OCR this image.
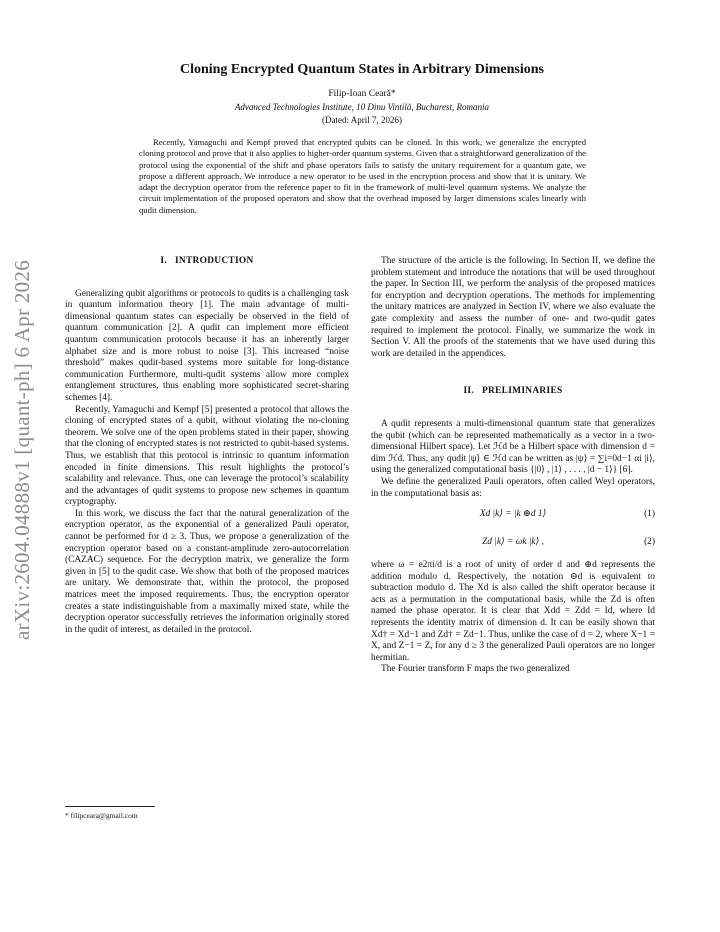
arXiv:2604.04888v1 [quant-ph] 6 Apr 2026
Cloning Encrypted Quantum States in Arbitrary Dimensions
Filip-Ioan Ceară*
Advanced Technologies Institute, 10 Dinu Vintilă, Bucharest, Romania
(Dated: April 7, 2026)

Recently, Yamaguchi and Kempf proved that encrypted qubits can be cloned. In this work, we generalize the encrypted cloning protocol and prove that it also applies to higher-order quantum systems. Given that a straightforward generalization of the protocol using the exponential of the shift and phase operators fails to satisfy the unitary requirement for a quantum gate, we propose a different approach. We introduce a new operator to be used in the encryption process and show that it is unitary. We adapt the decryption operator from the reference paper to fit in the framework of multi-level quantum systems. We analyze the circuit implementation of the proposed operators and show that the overhead imposed by larger dimensions scales linearly with qudit dimension.

I. INTRODUCTION

Generalizing qubit algorithms or protocols to qudits is a challenging task in quantum information theory [1]. The main advantage of multi-dimensional quantum states can especially be observed in the field of quantum communication [2]. A qudit can implement more efficient quantum communication protocols because it has an inherently larger alphabet size and is more robust to noise [3]. This increased “noise threshold” makes qudit-based systems more suitable for long-distance communication Furthermore, multi-qudit systems allow more complex entanglement structures, thus enabling more sophisticated secret-sharing schemes [4].

Recently, Yamaguchi and Kempf [5] presented a protocol that allows the cloning of encrypted states of a qubit, without violating the no-cloning theorem. We solve one of the open problems stated in their paper, showing that the cloning of encrypted states is not restricted to qubit-based systems. Thus, we establish that this protocol is intrinsic to quantum information encoded in finite dimensions. This result highlights the protocol’s scalability and relevance. Thus, one can leverage the protocol’s scalability and the advantages of qudit systems to propose new schemes in quantum cryptography.

In this work, we discuss the fact that the natural generalization of the encryption operator, as the exponential of a generalized Pauli operator, cannot be performed for d ≥ 3. Thus, we propose a generalization of the encryption operator based on a constant-amplitude zero-autocorrelation (CAZAC) sequence. For the decryption matrix, we generalize the form given in [5] to the qudit case. We show that both of the proposed matrices are unitary. We demonstrate that, within the protocol, the proposed matrices meet the imposed requirements. Thus, the encryption operator creates a state indistinguishable from a maximally mixed state, while the decryption operator successfully retrieves the information originally stored in the qudit of interest, as detailed in the protocol.

The structure of the article is the following. In Section II, we define the problem statement and introduce the notations that will be used throughout the paper. In Section III, we perform the analysis of the proposed matrices for encryption and decryption operations. The methods for implementing the unitary matrices are analyzed in Section IV, where we also evaluate the gate complexity and assess the number of one- and two-qudit gates required to implement the protocol. Finally, we summarize the work in Section V. All the proofs of the statements that we have used during this work are detailed in the appendices.

II. PRELIMINARIES

A qudit represents a multi-dimensional quantum state that generalizes the qubit (which can be represented mathematically as a vector in a two-dimensional Hilbert space). Let ℋd be a Hilbert space with dimension d = dim ℋd. Thus, any qudit |ψ⟩ ∈ ℋd can be written as |ψ⟩ = ∑i=0d−1 αi |i⟩, using the generalized computational basis {|0⟩ , |1⟩ , . . . , |d − 1⟩} [6].

We define the generalized Pauli operators, often called Weyl operators, in the computational basis as:

Xd |k⟩ = |k ⊕d 1⟩	(1)
Zd |k⟩ = ωk |k⟩ ,	(2)

where ω = e2πi/d is a root of unity of order d and ⊕d represents the addition modulo d. Respectively, the notation ⊖d is equivalent to subtraction modulo d. The Xd is also called the shift operator because it acts as a permutation in the computational basis, while the Zd is often named the phase operator. It is clear that Xdd = Zdd = Id, where Id represents the identity matrix of dimension d. It can be easily shown that Xd† = Xd−1 and Zd† = Zd−1. Thus, unlike the case of d = 2, where X−1 = X, and Z−1 = Z, for any d ≥ 3 the generalized Pauli operators are no longer hermitian.

The Fourier transform F maps the two generalized

* filipceara@gmail.com
